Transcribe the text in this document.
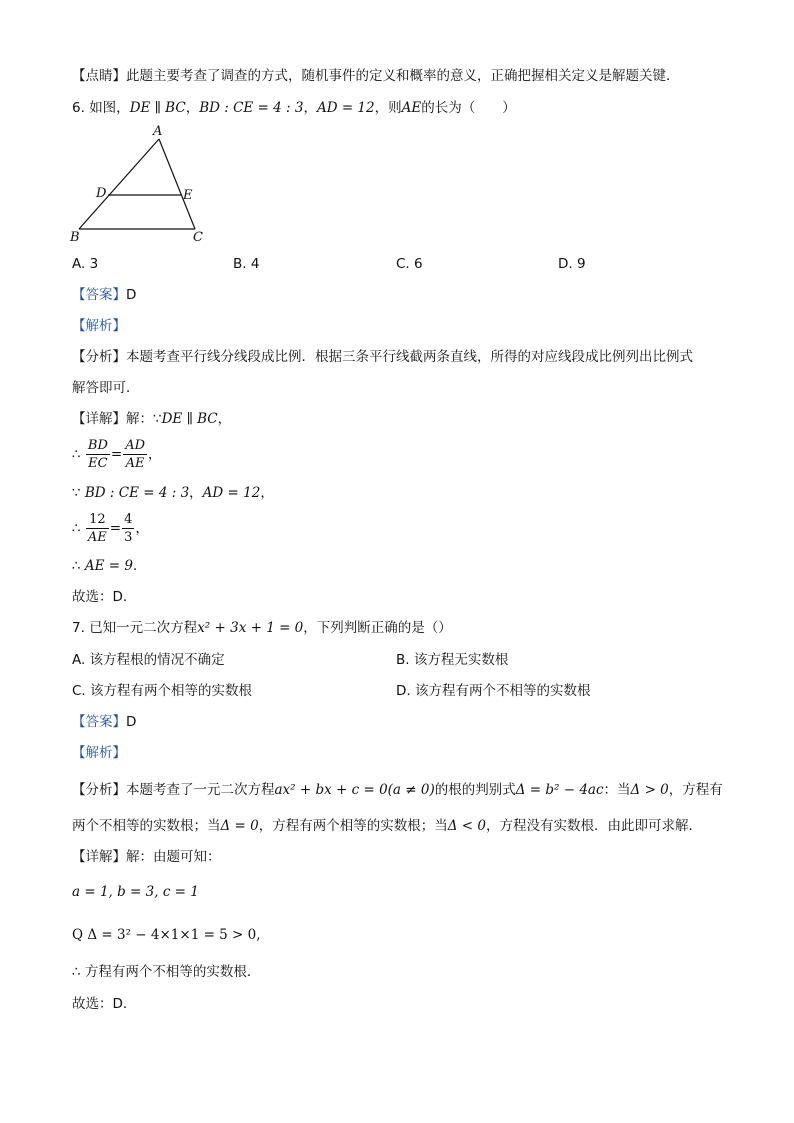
【点睛】此题主要考查了调查的方式，随机事件的定义和概率的意义，正确把握相关定义是解题关键．
6. 如图，DE ∥ BC，BD : CE = 4 : 3，AD = 12，则AE的长为（　　）
A
D	E
B	C
A. 3	B. 4	C. 6	D. 9
【答案】D
【解析】
【分析】本题考查平行线分线段成比例．根据三条平行线截两条直线，所得的对应线段成比例列出比例式
解答即可．
【详解】解：∵DE ∥ BC，
∴ $\frac{BD}{EC} = \frac{AD}{AE}$ ，
∵ BD : CE = 4 : 3，AD = 12，
∴ $\frac{12}{AE} = \frac{4}{3}$ ，
∴ AE = 9．
故选：D．
7. 已知一元二次方程x² + 3x + 1 = 0，下列判断正确的是（）
A. 该方程根的情况不确定	B. 该方程无实数根
C. 该方程有两个相等的实数根	D. 该方程有两个不相等的实数根
【答案】D
【解析】
【分析】本题考查了一元二次方程ax² + bx + c = 0(a ≠ 0)的根的判别式Δ = b² − 4ac：当Δ > 0，方程有
两个不相等的实数根；当Δ = 0，方程有两个相等的实数根；当Δ < 0，方程没有实数根．由此即可求解．
【详解】解：由题可知：
a = 1, b = 3, c = 1
Q Δ = 3² − 4×1×1 = 5 > 0,
∴ 方程有两个不相等的实数根．
故选：D．
